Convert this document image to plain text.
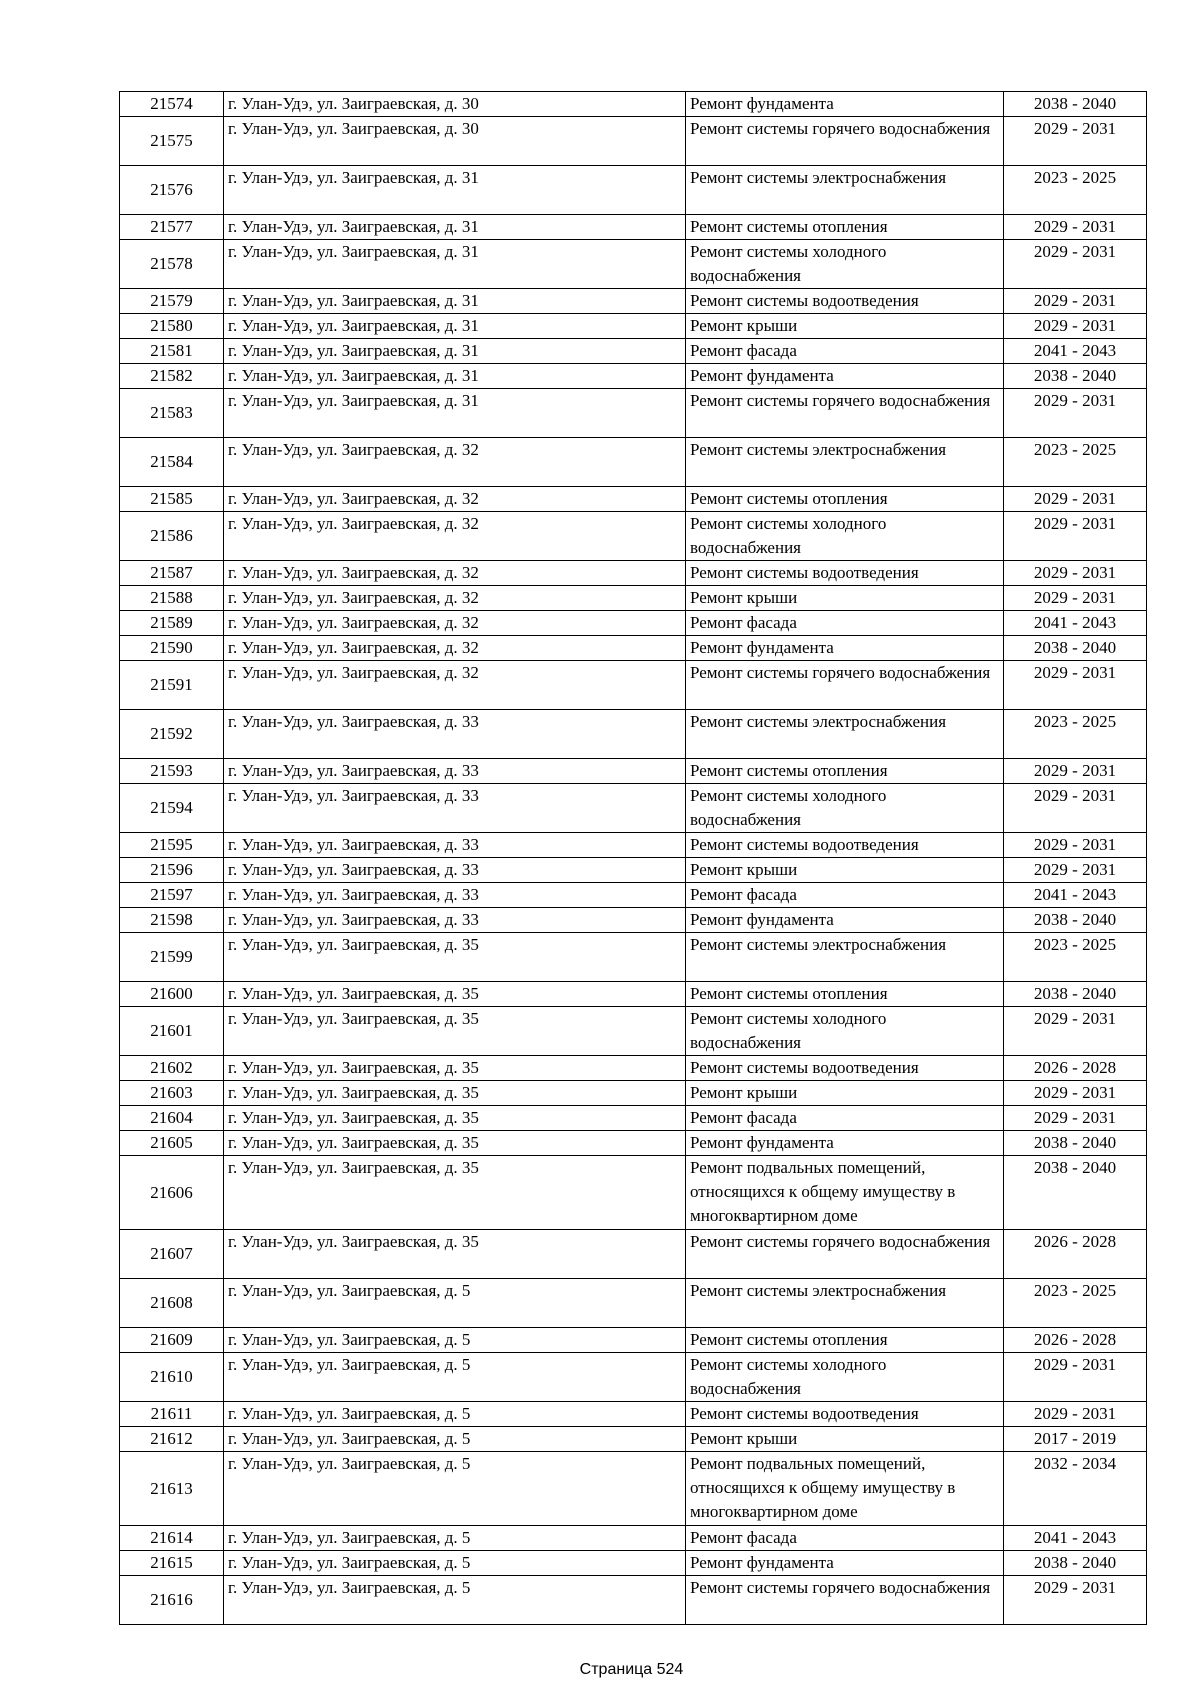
21574	г. Улан-Удэ, ул. Заиграевская, д. 30	Ремонт фундамента	2038 - 2040
21575	г. Улан-Удэ, ул. Заиграевская, д. 30	Ремонт системы горячего водоснабжения	2029 - 2031
21576	г. Улан-Удэ, ул. Заиграевская, д. 31	Ремонт системы электроснабжения	2023 - 2025
21577	г. Улан-Удэ, ул. Заиграевская, д. 31	Ремонт системы отопления	2029 - 2031
21578	г. Улан-Удэ, ул. Заиграевская, д. 31	Ремонт системы холодного водоснабжения	2029 - 2031
21579	г. Улан-Удэ, ул. Заиграевская, д. 31	Ремонт системы водоотведения	2029 - 2031
21580	г. Улан-Удэ, ул. Заиграевская, д. 31	Ремонт крыши	2029 - 2031
21581	г. Улан-Удэ, ул. Заиграевская, д. 31	Ремонт фасада	2041 - 2043
21582	г. Улан-Удэ, ул. Заиграевская, д. 31	Ремонт фундамента	2038 - 2040
21583	г. Улан-Удэ, ул. Заиграевская, д. 31	Ремонт системы горячего водоснабжения	2029 - 2031
21584	г. Улан-Удэ, ул. Заиграевская, д. 32	Ремонт системы электроснабжения	2023 - 2025
21585	г. Улан-Удэ, ул. Заиграевская, д. 32	Ремонт системы отопления	2029 - 2031
21586	г. Улан-Удэ, ул. Заиграевская, д. 32	Ремонт системы холодного водоснабжения	2029 - 2031
21587	г. Улан-Удэ, ул. Заиграевская, д. 32	Ремонт системы водоотведения	2029 - 2031
21588	г. Улан-Удэ, ул. Заиграевская, д. 32	Ремонт крыши	2029 - 2031
21589	г. Улан-Удэ, ул. Заиграевская, д. 32	Ремонт фасада	2041 - 2043
21590	г. Улан-Удэ, ул. Заиграевская, д. 32	Ремонт фундамента	2038 - 2040
21591	г. Улан-Удэ, ул. Заиграевская, д. 32	Ремонт системы горячего водоснабжения	2029 - 2031
21592	г. Улан-Удэ, ул. Заиграевская, д. 33	Ремонт системы электроснабжения	2023 - 2025
21593	г. Улан-Удэ, ул. Заиграевская, д. 33	Ремонт системы отопления	2029 - 2031
21594	г. Улан-Удэ, ул. Заиграевская, д. 33	Ремонт системы холодного водоснабжения	2029 - 2031
21595	г. Улан-Удэ, ул. Заиграевская, д. 33	Ремонт системы водоотведения	2029 - 2031
21596	г. Улан-Удэ, ул. Заиграевская, д. 33	Ремонт крыши	2029 - 2031
21597	г. Улан-Удэ, ул. Заиграевская, д. 33	Ремонт фасада	2041 - 2043
21598	г. Улан-Удэ, ул. Заиграевская, д. 33	Ремонт фундамента	2038 - 2040
21599	г. Улан-Удэ, ул. Заиграевская, д. 35	Ремонт системы электроснабжения	2023 - 2025
21600	г. Улан-Удэ, ул. Заиграевская, д. 35	Ремонт системы отопления	2038 - 2040
21601	г. Улан-Удэ, ул. Заиграевская, д. 35	Ремонт системы холодного водоснабжения	2029 - 2031
21602	г. Улан-Удэ, ул. Заиграевская, д. 35	Ремонт системы водоотведения	2026 - 2028
21603	г. Улан-Удэ, ул. Заиграевская, д. 35	Ремонт крыши	2029 - 2031
21604	г. Улан-Удэ, ул. Заиграевская, д. 35	Ремонт фасада	2029 - 2031
21605	г. Улан-Удэ, ул. Заиграевская, д. 35	Ремонт фундамента	2038 - 2040
21606	г. Улан-Удэ, ул. Заиграевская, д. 35	Ремонт подвальных помещений, относящихся к общему имуществу в многоквартирном доме	2038 - 2040
21607	г. Улан-Удэ, ул. Заиграевская, д. 35	Ремонт системы горячего водоснабжения	2026 - 2028
21608	г. Улан-Удэ, ул. Заиграевская, д. 5	Ремонт системы электроснабжения	2023 - 2025
21609	г. Улан-Удэ, ул. Заиграевская, д. 5	Ремонт системы отопления	2026 - 2028
21610	г. Улан-Удэ, ул. Заиграевская, д. 5	Ремонт системы холодного водоснабжения	2029 - 2031
21611	г. Улан-Удэ, ул. Заиграевская, д. 5	Ремонт системы водоотведения	2029 - 2031
21612	г. Улан-Удэ, ул. Заиграевская, д. 5	Ремонт крыши	2017 - 2019
21613	г. Улан-Удэ, ул. Заиграевская, д. 5	Ремонт подвальных помещений, относящихся к общему имуществу в многоквартирном доме	2032 - 2034
21614	г. Улан-Удэ, ул. Заиграевская, д. 5	Ремонт фасада	2041 - 2043
21615	г. Улан-Удэ, ул. Заиграевская, д. 5	Ремонт фундамента	2038 - 2040
21616	г. Улан-Удэ, ул. Заиграевская, д. 5	Ремонт системы горячего водоснабжения	2029 - 2031
Страница 524
